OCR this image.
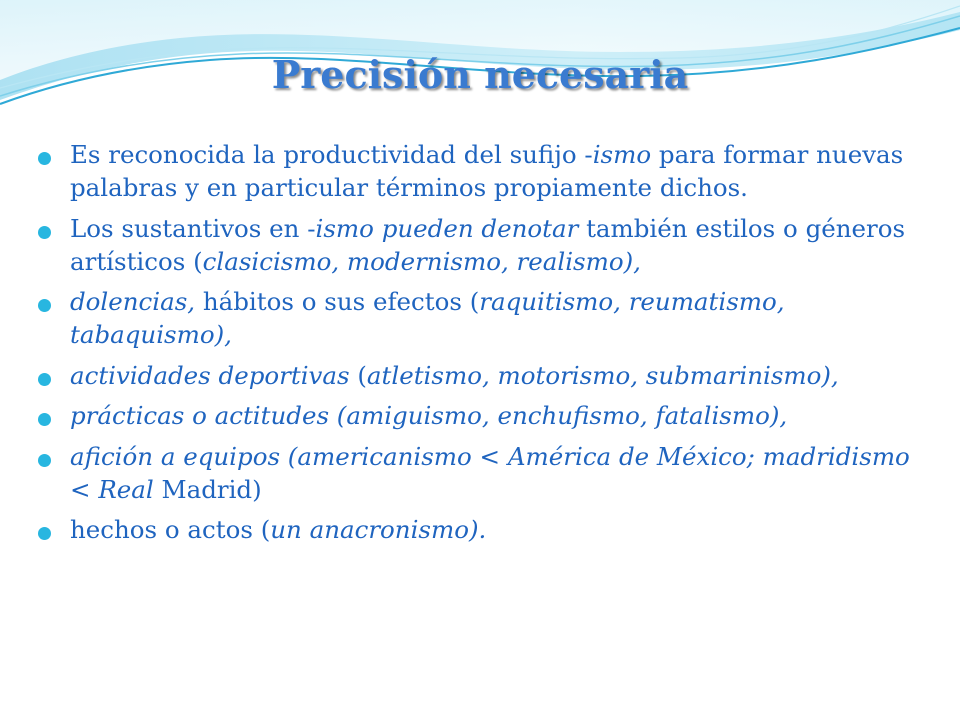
Precisión necesaria
Es reconocida la productividad del sufijo -ismo para formar nuevas palabras y en particular términos propiamente dichos.
Los sustantivos en -ismo pueden denotar también estilos o géneros artísticos (clasicismo, modernismo, realismo),
dolencias, hábitos o sus efectos (raquitismo, reumatismo, tabaquismo),
actividades deportivas (atletismo, motorismo, submarinismo),
prácticas o actitudes (amiguismo, enchufismo, fatalismo),
afición a equipos (americanismo < América de México; madridismo < Real Madrid)
hechos o actos (un anacronismo).
